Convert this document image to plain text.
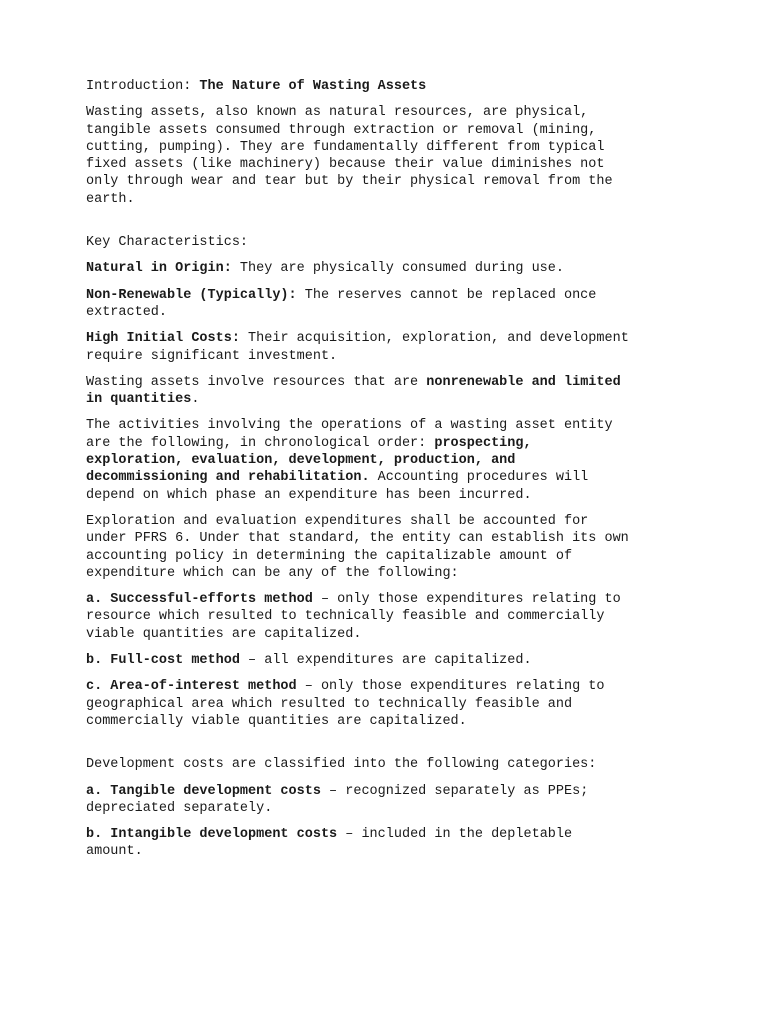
Introduction: The Nature of Wasting Assets

Wasting assets, also known as natural resources, are physical,
tangible assets consumed through extraction or removal (mining,
cutting, pumping). They are fundamentally different from typical
fixed assets (like machinery) because their value diminishes not
only through wear and tear but by their physical removal from the
earth.

Key Characteristics:

Natural in Origin: They are physically consumed during use.

Non-Renewable (Typically): The reserves cannot be replaced once
extracted.

High Initial Costs: Their acquisition, exploration, and development
require significant investment.

Wasting assets involve resources that are nonrenewable and limited
in quantities.

The activities involving the operations of a wasting asset entity
are the following, in chronological order: prospecting,
exploration, evaluation, development, production, and
decommissioning and rehabilitation. Accounting procedures will
depend on which phase an expenditure has been incurred.

Exploration and evaluation expenditures shall be accounted for
under PFRS 6. Under that standard, the entity can establish its own
accounting policy in determining the capitalizable amount of
expenditure which can be any of the following:

a. Successful-efforts method – only those expenditures relating to
resource which resulted to technically feasible and commercially
viable quantities are capitalized.

b. Full-cost method – all expenditures are capitalized.

c. Area-of-interest method – only those expenditures relating to
geographical area which resulted to technically feasible and
commercially viable quantities are capitalized.

Development costs are classified into the following categories:

a. Tangible development costs – recognized separately as PPEs;
depreciated separately.

b. Intangible development costs – included in the depletable
amount.
